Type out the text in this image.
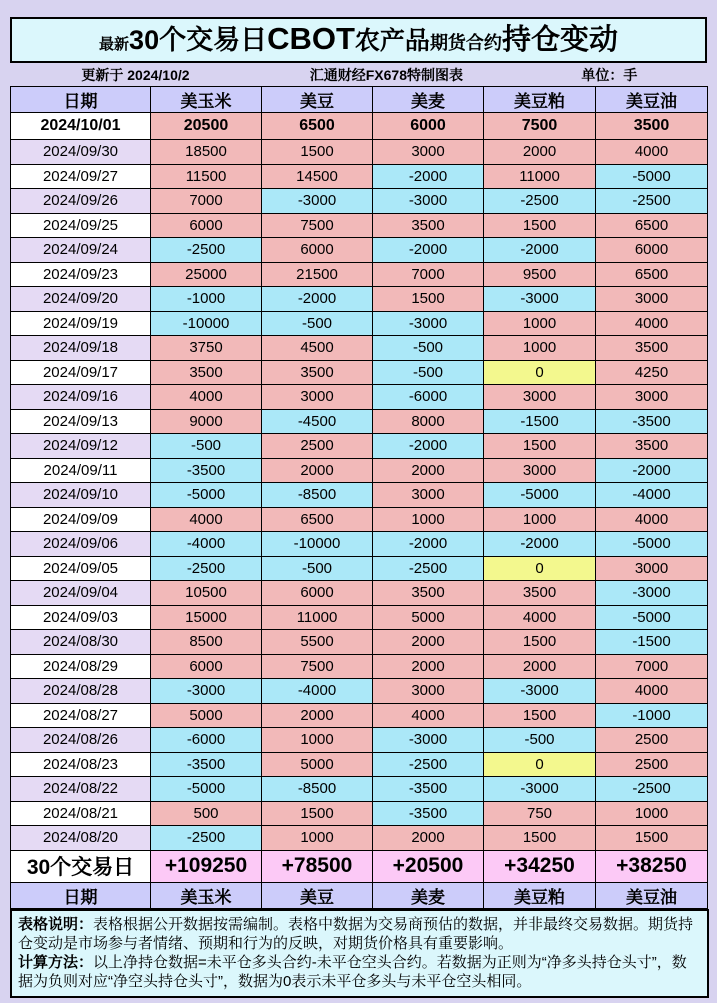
最新30个交易日CBOT农产品期货合约持仓变动
更新于 2024/10/2	汇通财经FX678特制图表	单位：手
日期	美玉米	美豆	美麦	美豆粕	美豆油
2024/10/01	20500	6500	6000	7500	3500
2024/09/30	18500	1500	3000	2000	4000
2024/09/27	11500	14500	-2000	11000	-5000
2024/09/26	7000	-3000	-3000	-2500	-2500
2024/09/25	6000	7500	3500	1500	6500
2024/09/24	-2500	6000	-2000	-2000	6000
2024/09/23	25000	21500	7000	9500	6500
2024/09/20	-1000	-2000	1500	-3000	3000
2024/09/19	-10000	-500	-3000	1000	4000
2024/09/18	3750	4500	-500	1000	3500
2024/09/17	3500	3500	-500	0	4250
2024/09/16	4000	3000	-6000	3000	3000
2024/09/13	9000	-4500	8000	-1500	-3500
2024/09/12	-500	2500	-2000	1500	3500
2024/09/11	-3500	2000	2000	3000	-2000
2024/09/10	-5000	-8500	3000	-5000	-4000
2024/09/09	4000	6500	1000	1000	4000
2024/09/06	-4000	-10000	-2000	-2000	-5000
2024/09/05	-2500	-500	-2500	0	3000
2024/09/04	10500	6000	3500	3500	-3000
2024/09/03	15000	11000	5000	4000	-5000
2024/08/30	8500	5500	2000	1500	-1500
2024/08/29	6000	7500	2000	2000	7000
2024/08/28	-3000	-4000	3000	-3000	4000
2024/08/27	5000	2000	4000	1500	-1000
2024/08/26	-6000	1000	-3000	-500	2500
2024/08/23	-3500	5000	-2500	0	2500
2024/08/22	-5000	-8500	-3500	-3000	-2500
2024/08/21	500	1500	-3500	750	1000
2024/08/20	-2500	1000	2000	1500	1500
30个交易日	+109250	+78500	+20500	+34250	+38250
日期	美玉米	美豆	美麦	美豆粕	美豆油
表格说明：表格根据公开数据按需编制。表格中数据为交易商预估的数据，并非最终交易数据。期货持仓变动是市场参与者情绪、预期和行为的反映，对期货价格具有重要影响。
计算方法：以上净持仓数据=未平仓多头合约-未平仓空头合约。若数据为正则为“净多头持仓头寸”，数据为负则对应“净空头持仓头寸”，数据为0表示未平仓多头与未平仓空头相同。
